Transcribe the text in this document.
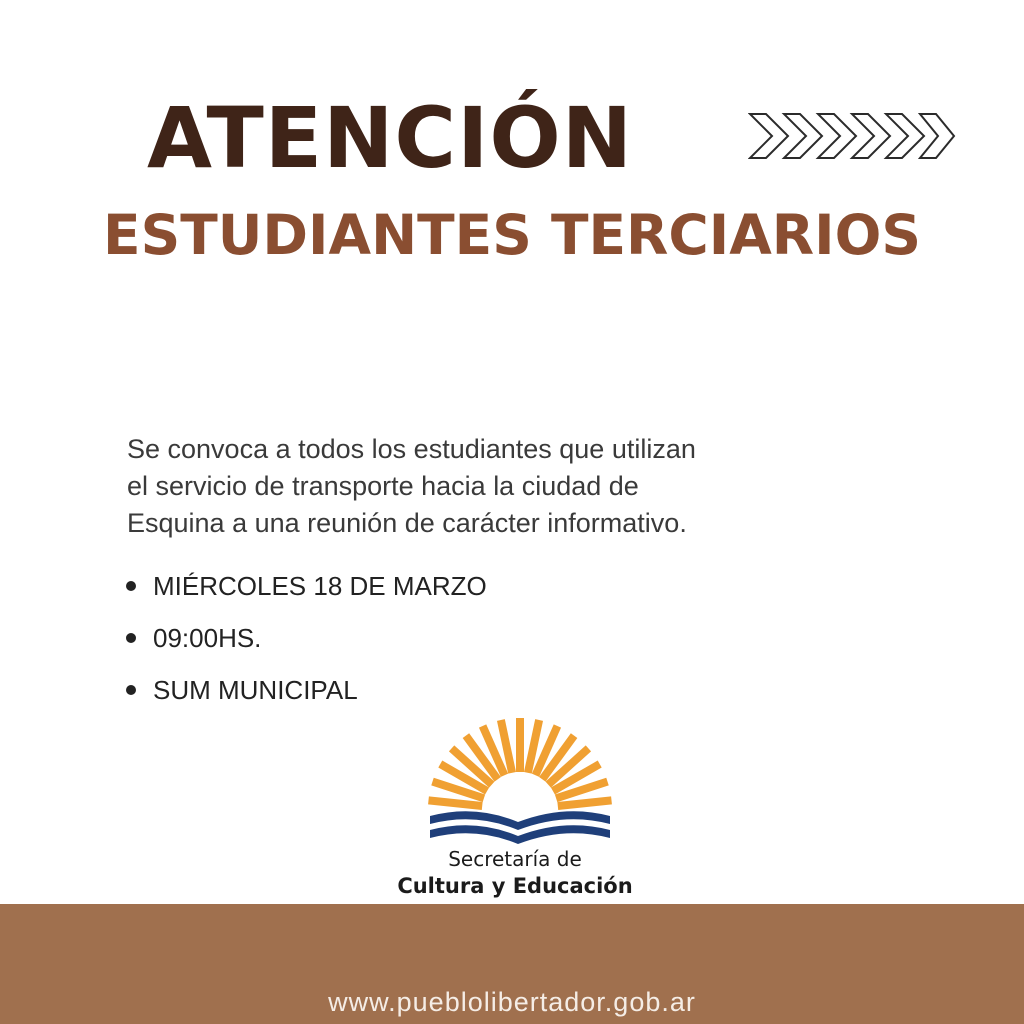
ATENCIÓN
ESTUDIANTES TERCIARIOS

Se convoca a todos los estudiantes que utilizan
el servicio de transporte hacia la ciudad de
Esquina a una reunión de carácter informativo.

MIÉRCOLES 18 DE MARZO
09:00HS.
SUM MUNICIPAL
Secretaría de
Cultura y Educación
www.pueblolibertador.gob.ar
